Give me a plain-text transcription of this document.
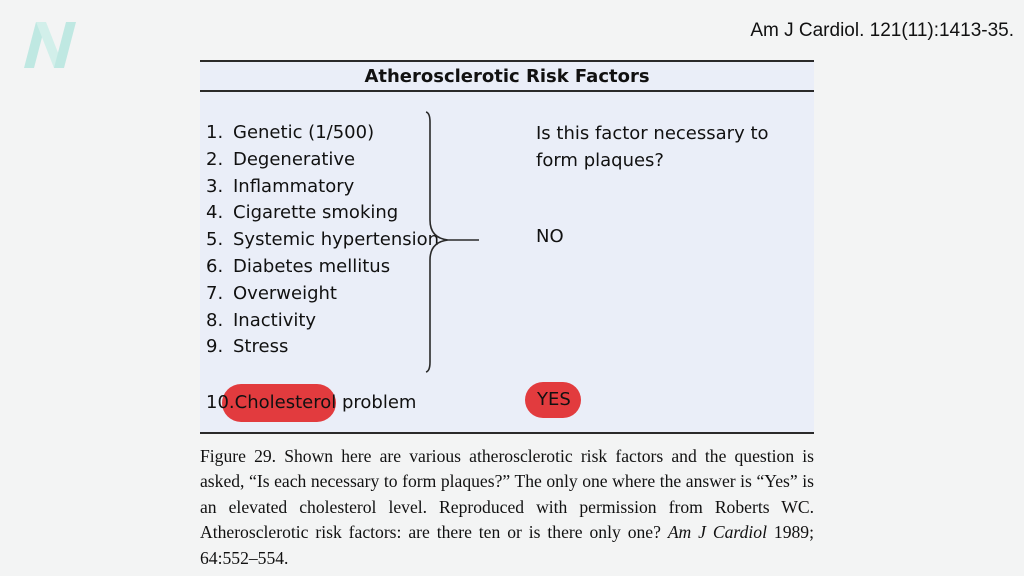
Am J Cardiol. 121(11):1413-35.
Atherosclerotic Risk Factors
1. Genetic (1/500)
2. Degenerative
3. Inflammatory
4. Cigarette smoking
5. Systemic hypertension
6. Diabetes mellitus
7. Overweight
8. Inactivity
9. Stress
Is this factor necessary to form plaques?
NO
10.Cholesterol problem	YES
Figure 29. Shown here are various atherosclerotic risk factors and the question is asked, “Is each necessary to form plaques?” The only one where the answer is “Yes” is an elevated cholesterol level. Reproduced with permission from Roberts WC. Atherosclerotic risk factors: are there ten or is there only one? Am J Cardiol 1989; 64:552–554.
